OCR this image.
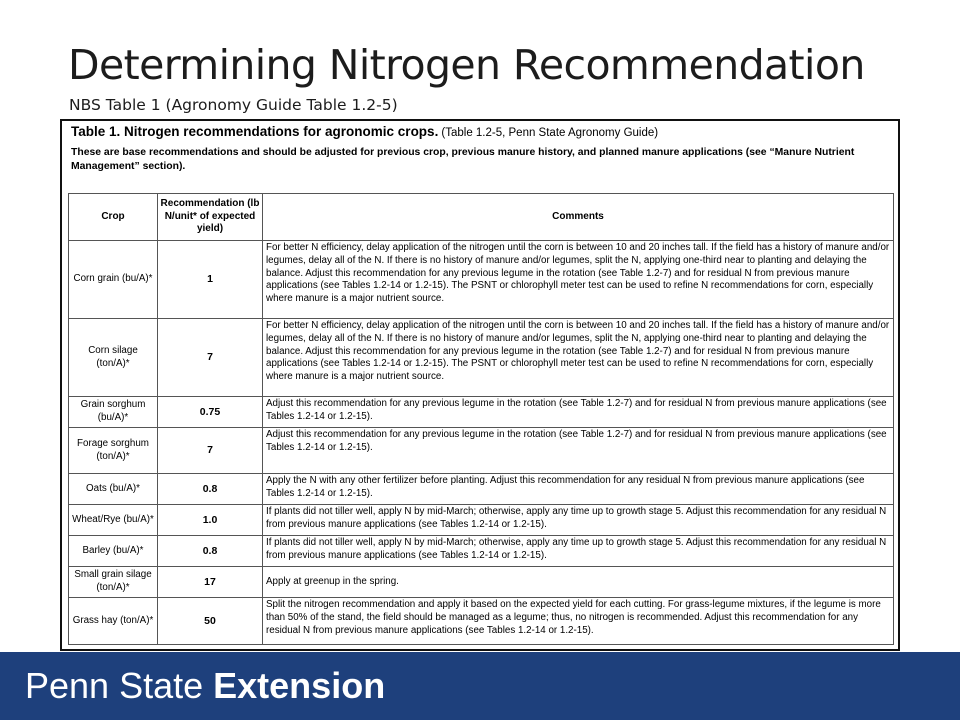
Determining Nitrogen Recommendation
NBS Table 1 (Agronomy Guide Table 1.2-5)
Table 1. Nitrogen recommendations for agronomic crops. (Table 1.2-5, Penn State Agronomy Guide)
These are base recommendations and should be adjusted for previous crop, previous manure history, and planned manure applications (see “Manure Nutrient Management” section).
Crop	Recommendation (lb N/unit* of expected yield)	Comments
Corn grain (bu/A)*	1	For better N efficiency, delay application of the nitrogen until the corn is between 10 and 20 inches tall. If the field has a history of manure and/or legumes, delay all of the N. If there is no history of manure and/or legumes, split the N, applying one-third near to planting and delaying the balance. Adjust this recommendation for any previous legume in the rotation (see Table 1.2-7) and for residual N from previous manure applications (see Tables 1.2-14 or 1.2-15). The PSNT or chlorophyll meter test can be used to refine N recommendations for corn, especially where manure is a major nutrient source.
Corn silage (ton/A)*	7	For better N efficiency, delay application of the nitrogen until the corn is between 10 and 20 inches tall. If the field has a history of manure and/or legumes, delay all of the N. If there is no history of manure and/or legumes, split the N, applying one-third near to planting and delaying the balance. Adjust this recommendation for any previous legume in the rotation (see Table 1.2-7) and for residual N from previous manure applications (see Tables 1.2-14 or 1.2-15). The PSNT or chlorophyll meter test can be used to refine N recommendations for corn, especially where manure is a major nutrient source.
Grain sorghum (bu/A)*	0.75	Adjust this recommendation for any previous legume in the rotation (see Table 1.2-7) and for residual N from previous manure applications (see Tables 1.2-14 or 1.2-15).
Forage sorghum (ton/A)*	7	Adjust this recommendation for any previous legume in the rotation (see Table 1.2-7) and for residual N from previous manure applications (see Tables 1.2-14 or 1.2-15).
Oats (bu/A)*	0.8	Apply the N with any other fertilizer before planting. Adjust this recommendation for any residual N from previous manure applications (see Tables 1.2-14 or 1.2-15).
Wheat/Rye (bu/A)*	1.0	If plants did not tiller well, apply N by mid-March; otherwise, apply any time up to growth stage 5. Adjust this recommendation for any residual N from previous manure applications (see Tables 1.2-14 or 1.2-15).
Barley (bu/A)*	0.8	If plants did not tiller well, apply N by mid-March; otherwise, apply any time up to growth stage 5. Adjust this recommendation for any residual N from previous manure applications (see Tables 1.2-14 or 1.2-15).
Small grain silage (ton/A)*	17	Apply at greenup in the spring.
Grass hay (ton/A)*	50	Split the nitrogen recommendation and apply it based on the expected yield for each cutting. For grass-legume mixtures, if the legume is more than 50% of the stand, the field should be managed as a legume; thus, no nitrogen is recommended. Adjust this recommendation for any residual N from previous manure applications (see Tables 1.2-14 or 1.2-15).
Penn State Extension
